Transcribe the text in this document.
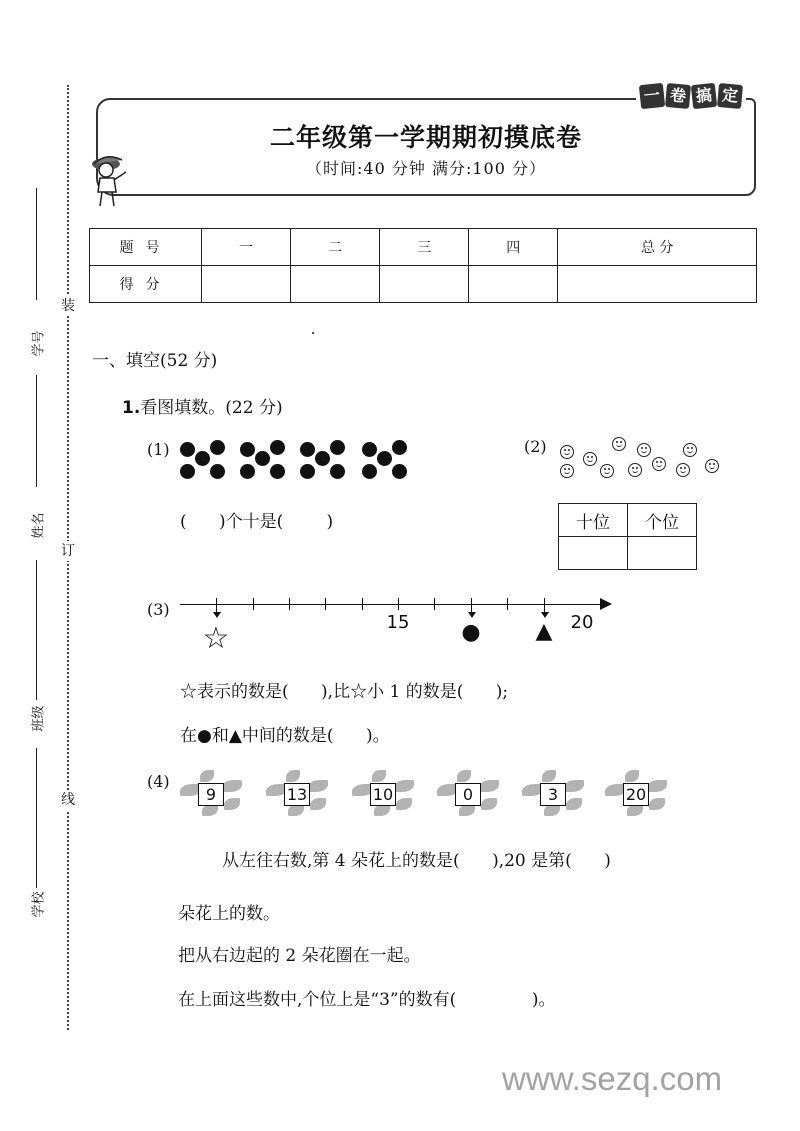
装
订
线
学号
姓名
班级
学校
一 卷 搞 定
二年级第一学期期初摸底卷
（时间:40 分钟 满分:100 分）
题号	一	二	三	四	总 分
得分					
一、填空(52 分)
1.看图填数。(22 分)
(1)
(      )个十是(        )
(2)
十位	个位

(3)
15	20
☆	● ▲
☆表示的数是(      ),比☆小 1 的数是(      );
在●和▲中间的数是(      )。
(4)
9	13	10	0	3	20
从左往右数,第 4 朵花上的数是(      ),20 是第(      )
朵花上的数。
把从右边起的 2 朵花圈在一起。
在上面这些数中,个位上是“3”的数有(              )。
www.sezq.com
